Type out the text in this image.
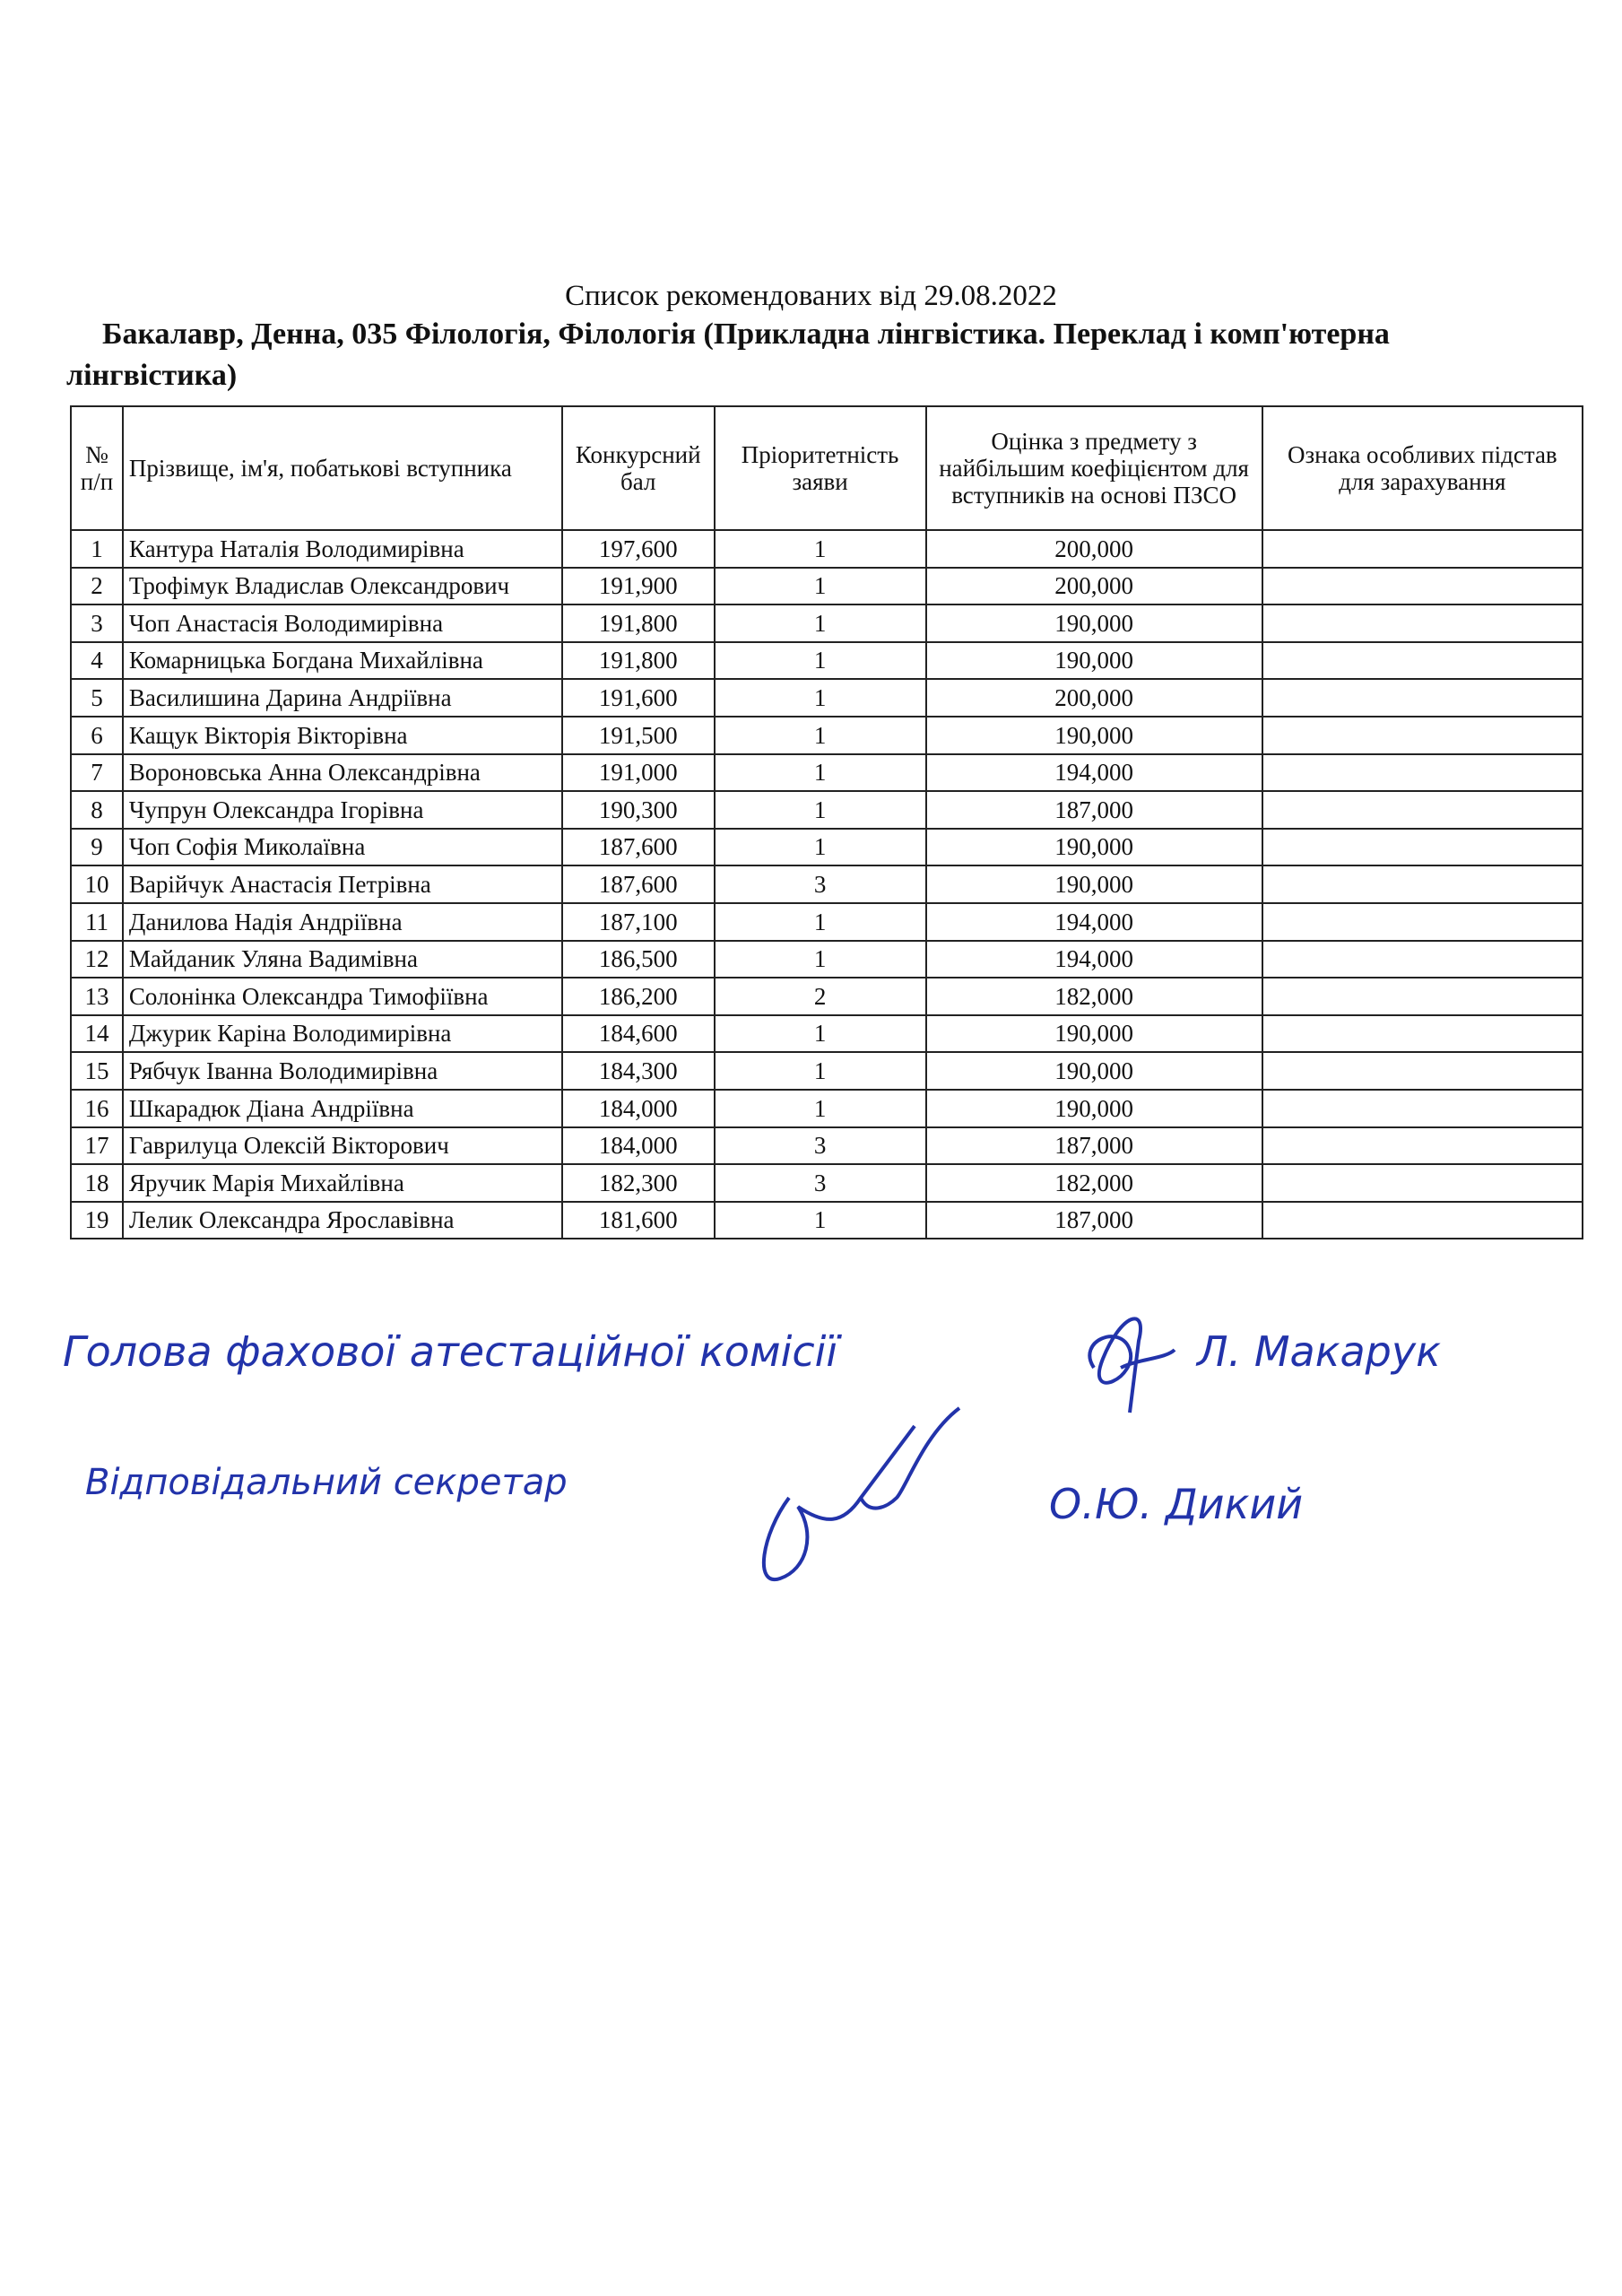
Список рекомендованих від 29.08.2022
Бакалавр, Денна, 035 Філологія, Філологія (Прикладна лінгвістика. Переклад і комп'ютерна
лінгвістика)
№ п/п	Прізвище, ім'я, побатькові вступника	Конкурсний бал	Пріоритетність заяви	Оцінка з предмету з найбільшим коефіцієнтом для вступників на основі ПЗСО	Ознака особливих підстав для зарахування
1	Кантура Наталія Володимирівна	197,600	1	200,000	
2	Трофімук Владислав Олександрович	191,900	1	200,000	
3	Чоп Анастасія Володимирівна	191,800	1	190,000	
4	Комарницька Богдана Михайлівна	191,800	1	190,000	
5	Василишина Дарина Андріївна	191,600	1	200,000	
6	Кащук Вікторія Вікторівна	191,500	1	190,000	
7	Вороновська Анна Олександрівна	191,000	1	194,000	
8	Чупрун Олександра Ігорівна	190,300	1	187,000	
9	Чоп Софія Миколаївна	187,600	1	190,000	
10	Варійчук Анастасія Петрівна	187,600	3	190,000	
11	Данилова Надія Андріївна	187,100	1	194,000	
12	Майданик Уляна Вадимівна	186,500	1	194,000	
13	Солонінка Олександра Тимофіївна	186,200	2	182,000	
14	Джурик Каріна Володимирівна	184,600	1	190,000	
15	Рябчук Іванна Володимирівна	184,300	1	190,000	
16	Шкарадюк Діана Андріївна	184,000	1	190,000	
17	Гаврилуца Олексій Вікторович	184,000	3	187,000	
18	Яручик Марія Михайлівна	182,300	3	182,000	
19	Лелик Олександра Ярославівна	181,600	1	187,000	
Голова фахової атестаційної комісії	Л. Макарук
Відповідальний секретар	О.Ю. Дикий
